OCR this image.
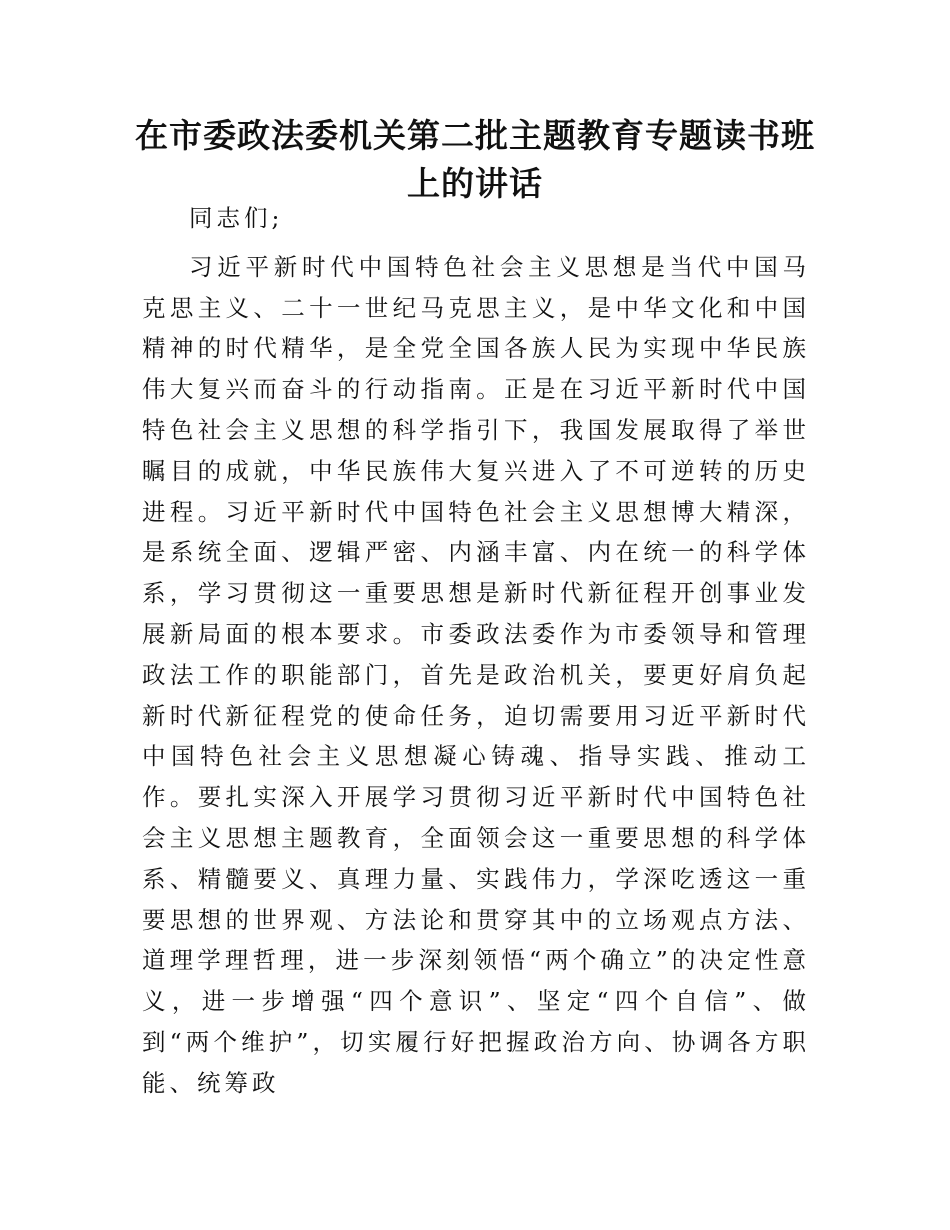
在市委政法委机关第二批主题教育专题读书班
上的讲话

同志们;

习近平新时代中国特色社会主义思想是当代中国马克思主义、二十一世纪马克思主义，是中华文化和中国精神的时代精华，是全党全国各族人民为实现中华民族伟大复兴而奋斗的行动指南。正是在习近平新时代中国特色社会主义思想的科学指引下，我国发展取得了举世瞩目的成就，中华民族伟大复兴进入了不可逆转的历史进程。习近平新时代中国特色社会主义思想博大精深，是系统全面、逻辑严密、内涵丰富、内在统一的科学体系，学习贯彻这一重要思想是新时代新征程开创事业发展新局面的根本要求。市委政法委作为市委领导和管理政法工作的职能部门，首先是政治机关，要更好肩负起新时代新征程党的使命任务，迫切需要用习近平新时代中国特色社会主义思想凝心铸魂、指导实践、推动工作。要扎实深入开展学习贯彻习近平新时代中国特色社会主义思想主题教育，全面领会这一重要思想的科学体系、精髓要义、真理力量、实践伟力，学深吃透这一重要思想的世界观、方法论和贯穿其中的立场观点方法、道理学理哲理，进一步深刻领悟“两个确立”的决定性意义，进一步增强“四个意识”、坚定“四个自信”、做到“两个维护”，切实履行好把握政治方向、协调各方职能、统筹政
